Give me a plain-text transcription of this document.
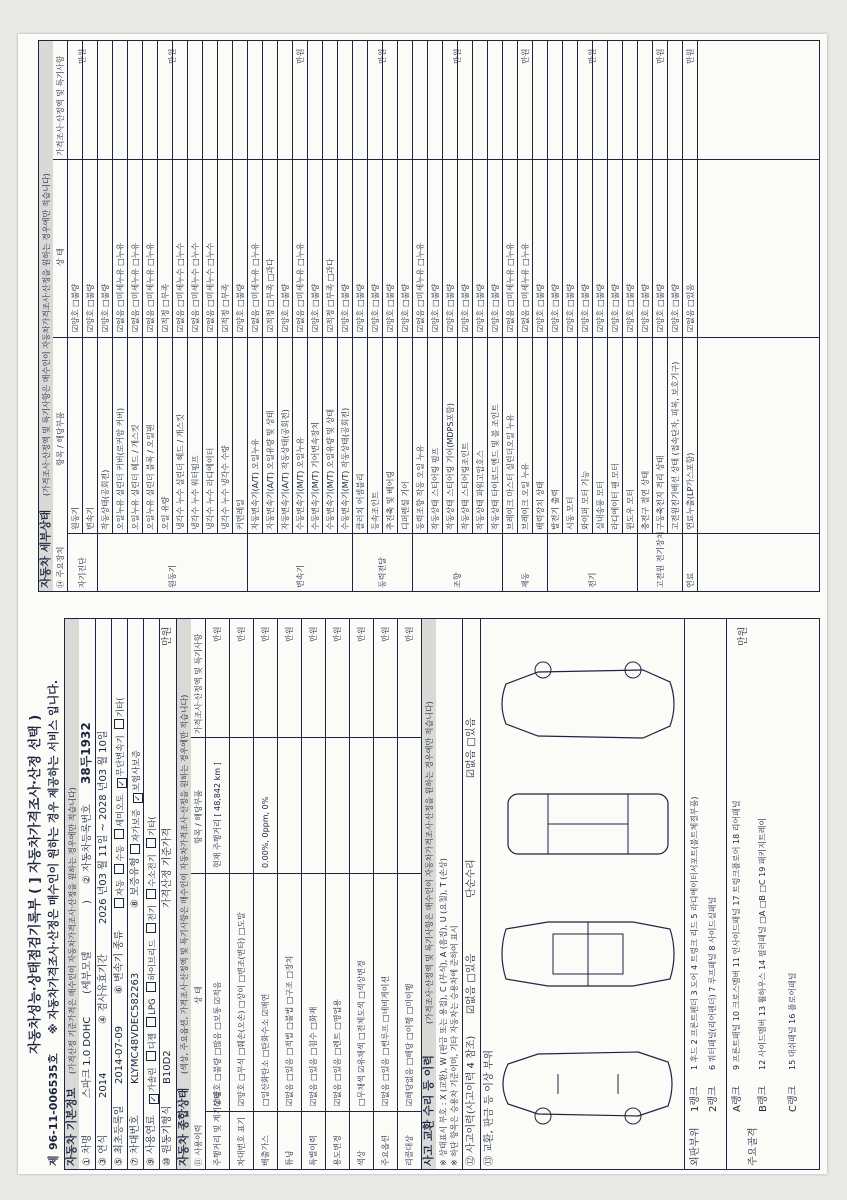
자동차성능·상태점검기록부 ( ] 자동차가격조사·산정 선택 )
제
96-11-006535
호
※ 자동차가격조사·산정은 매수인이 원하는 경우 제공하는 서비스 입니다.
자동차 기본정보
(가격산정 기준가격은 매수인이 자동차가격조사·산정을 원하는 경우에만 적습니다)
① 차명
스파크 1.0 DOHC
(세부모델
)
② 자동차등록번호
38두1932
③ 연식
2014
④ 검사유효기간
2026 년03 월 11일 ~ 2028 년03 월 10일
⑤ 최초등록일
2014-07-09
⑥ 변속기 종류
자동수동세미오토✓무단변속기기타(
⑦ 차대번호
KLYMC48VDEC582263
⑧ 보증유형
자가보증✓보험사보증
⑨ 사용연료
✓가솔린디젤LPG하이브리드전기수소전기기타(
⑩ 원동기형식
B10D2
가격산정 기준가격
만원
자동차 종합상태
(색상, 주요옵션, 가격조사·산정액 및 특기사항은 매수인이 자동차가격조사·산정을 원하는 경우에만 적습니다)
⑪ 사용이력
상 태
항목 / 해당부품
가격조사·산정액 및 특기사항
주행거리 및 계기상태
☑양호 □불량 □많음 □보통 ☑적음
현재 주행거리 [ 48,842 km ]
만원
차대번호 표기
☑양호 □부식 □훼손(오손) □상이 □변조(변타) □도말
만원
배출가스
□일산화탄소 □탄화수소 ☑매연
0.00%, 0ppm, 0%
만원
튜닝
☑없음 □있음 □적법 □불법 □구조 □장치
만원
특별이력
☑없음 □있음 □침수 □화재
만원
용도변경
☑없음 □있음 □렌트 □영업용
만원
색상
□무채색 ☑유채색 □전체도색 □색상변경
만원
주요옵션
☑없음 □있음 □썬루프 □네비게이션
만원
리콜대상
☑해당없음 □해당 □이행 □미이행
만원
사고 교환 수리 등 이력
(가격조사·산정액 및 특기사항은 매수인이 자동차가격조사·산정을 원하는 경우에만 적습니다) ※ 상태표시 부호 : X (교환), W (판금 또는 용접), C (부식), A (흠집), U (요철), T (손상) ※ 하단 항목은 승용차 기준이며, 기타 자동차는 승용차에 준하여 표시 ⑫ 사고이력(사고이력 4 참조)
☑없음 □있음
단순수리
☑없음 □있음
⑬ 교환, 판금 등 이상 부위	외판부위
1랭크
1 후드 2 프론트펜더 3 도어 4 트렁크 리드 5 라디에이터서포트(볼트체결부품)
2랭크
6 쿼터패널(리어펜더) 7 루프패널 8 사이드실패널
주요골격
A랭크
9 프론트패널 10 크로스멤버 11 인사이드패널 17 트렁크플로어 18 리어패널
B랭크
12 사이드멤버 13 휠하우스 14 필러패널 □A □B □C 19 패키지트레이
C랭크
15 대쉬패널 16 플로어패널
만원
자동차 세부상태
(가격조사·산정액 및 특기사항은 매수인이 자동차가격조사·산정을 원하는 경우에만 적습니다)
⑭ 주요장치
항목 / 해당부품
상 태
가격조사·산정액 및 특기사항
원동기
☑양호 □불량
변속기
☑양호 □불량
자기진단
만원
작동상태(공회전)
☑양호 □불량
오일누유 실린더 커버(로커암 커버)
☑없음 □미세누유 □누유
오일누유 실린더 헤드 / 개스킷
☑없음 □미세누유 □누유
오일누유 실린더 블록 / 오일팬
☑없음 □미세누유 □누유
오일 유량
☑적정 □부족
냉각수 누수 실린더 헤드 / 개스킷
☑없음 □미세누수 □누수
냉각수 누수 워터펌프
☑없음 □미세누수 □누수
냉각수 누수 라디에이터
☑없음 □미세누수 □누수
냉각수 누수 냉각수 수량
☑적정 □부족
커먼레일
☑양호 □불량
원동기
만원
자동변속기(A/T) 오일누유
☑없음 □미세누유 □누유
자동변속기(A/T) 오일유량 및 상태
☑적정 □부족 □과다
자동변속기(A/T) 작동상태(공회전)
☑양호 □불량
수동변속기(M/T) 오일누유
☑없음 □미세누유 □누유
수동변속기(M/T) 기어변속장치
☑양호 □불량
수동변속기(M/T) 오일유량 및 상태
☑적정 □부족 □과다
수동변속기(M/T) 작동상태(공회전)
☑양호 □불량
변속기
만원
클러치 어셈블리
☑양호 □불량
등속조인트
☑양호 □불량
추진축 및 베어링
☑양호 □불량
디퍼렌셜 기어
☑양호 □불량
동력전달
만원
동력조향 작동 오일 누유
☑없음 □미세누유 □누유
작동상태 스티어링 펌프
☑양호 □불량
작동상태 스티어링 기어(MDPS포함)
☑양호 □불량
작동상태 스티어링조인트
☑양호 □불량
작동상태 파워고압호스
☑양호 □불량
작동상태 타이로드엔드 및 볼 조인트
☑양호 □불량
조향
만원
브레이크 마스터 실린더오일 누유
☑없음 □미세누유 □누유
브레이크 오일 누유
☑없음 □미세누유 □누유
배력장치 상태
☑양호 □불량
제동
만원
발전기 출력
☑양호 □불량
시동 모터
☑양호 □불량
와이퍼 모터 기능
☑양호 □불량
실내송풍 모터
☑양호 □불량
라디에이터 팬 모터
☑양호 □불량
윈도우 모터
☑양호 □불량
전기
만원
충전구 절연 상태
☑양호 □불량
구동축전지 격리 상태
☑양호 □불량
고전원전기배선 상태 (접속단자, 피복, 보호기구)
☑양호 □불량
고전원 전기장치
만원
연료누출(LP가스포함)
☑없음 □있음
연료
만원
